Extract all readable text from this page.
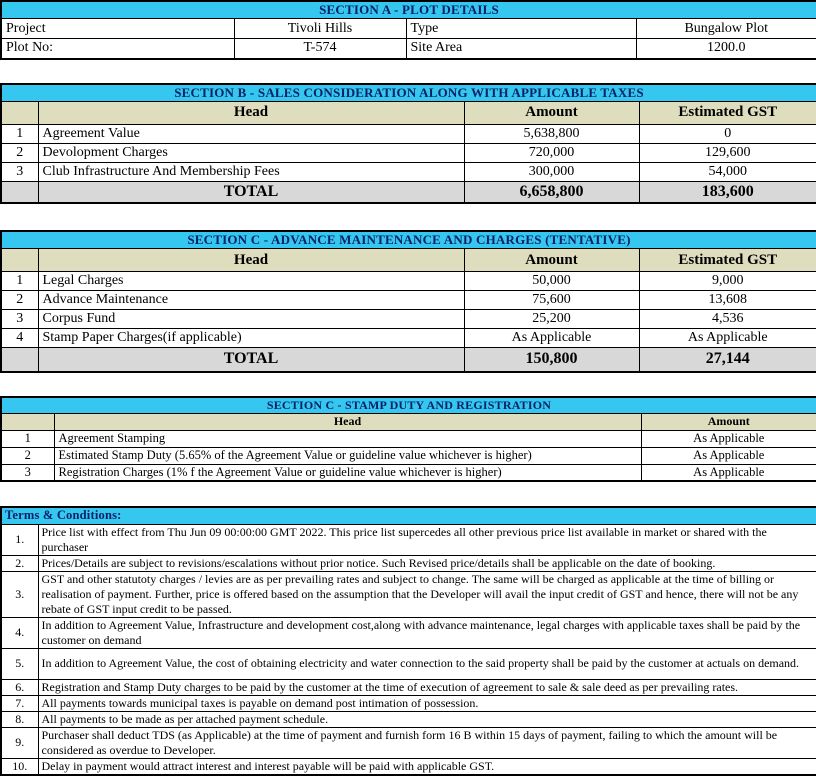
SECTION A - PLOT DETAILS			
Project	Tivoli Hills	Type	Bungalow Plot
Plot No:	T-574	Site Area	1200.0
SECTION B - SALES CONSIDERATION ALONG WITH APPLICABLE TAXES			
	Head	Amount	Estimated GST
1	Agreement Value	5,638,800	0
2	Devolopment Charges	720,000	129,600
3	Club Infrastructure And Membership Fees	300,000	54,000
	TOTAL	6,658,800	183,600
SECTION C - ADVANCE MAINTENANCE AND CHARGES (TENTATIVE)			
	Head	Amount	Estimated GST
1	Legal Charges	50,000	9,000
2	Advance Maintenance	75,600	13,608
3	Corpus Fund	25,200	4,536
4	Stamp Paper Charges(if applicable)	As Applicable	As Applicable
	TOTAL	150,800	27,144
SECTION C - STAMP DUTY AND REGISTRATION		
	Head	Amount
1	Agreement Stamping	As Applicable
2	Estimated Stamp Duty (5.65% of the Agreement Value or guideline value whichever is higher)	As Applicable
3	Registration Charges (1% f the Agreement Value or guideline value whichever is higher)	As Applicable
Terms & Conditions:	
1.	Price list with effect from Thu Jun 09 00:00:00 GMT 2022. This price list supercedes all other previous price list available in market or shared with the purchaser
2.	Prices/Details are subject to revisions/escalations without prior notice. Such Revised price/details shall be applicable on the date of booking.
3.	GST and other statutoty charges / levies are as per prevailing rates and subject to change. The same will be charged as applicable at the time of billing or realisation of payment. Further, price is offered based on the assumption that the Developer will avail the input credit of GST and hence, there will not be any rebate of GST input credit to be passed.
4.	In addition to Agreement Value, Infrastructure and development cost,along with advance maintenance, legal charges with applicable taxes shall be paid by the customer on demand
5.	In addition to Agreement Value, the cost of obtaining electricity and water connection to the said property shall be paid by the customer at actuals on demand.
6.	Registration and Stamp Duty charges to be paid by the customer at the time of execution of agreement to sale & sale deed as per prevailing rates.
7.	All payments towards municipal taxes is payable on demand post intimation of possession.
8.	All payments to be made as per attached payment schedule.
9.	Purchaser shall deduct TDS (as Applicable) at the time of payment and furnish form 16 B within 15 days of payment, failing to which the amount will be considered as overdue to Developer.
10.	Delay in payment would attract interest and interest payable will be paid with applicable GST.
